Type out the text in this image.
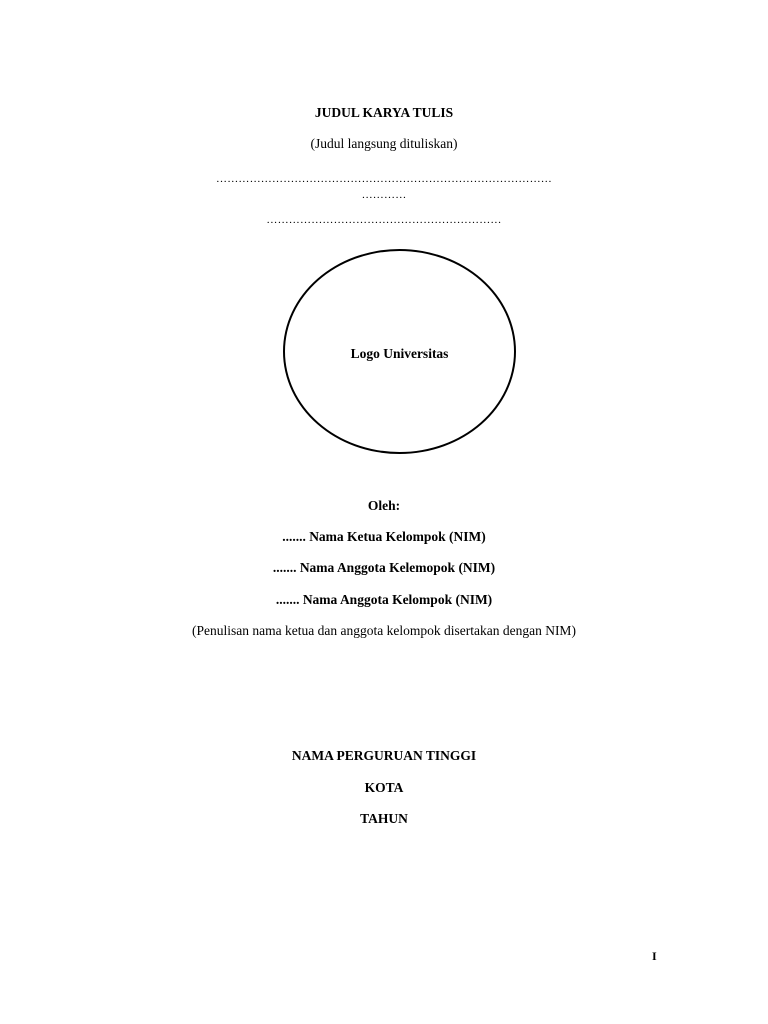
JUDUL KARYA TULIS
(Judul langsung dituliskan)
………………………………………………………………………………
…………
………………………………………………………
Logo Universitas
Oleh:
....... Nama Ketua Kelompok (NIM)
....... Nama Anggota Kelemopok (NIM)
....... Nama Anggota Kelompok (NIM)
(Penulisan nama ketua dan anggota kelompok disertakan dengan NIM)
NAMA PERGURUAN TINGGI
KOTA
TAHUN
I
